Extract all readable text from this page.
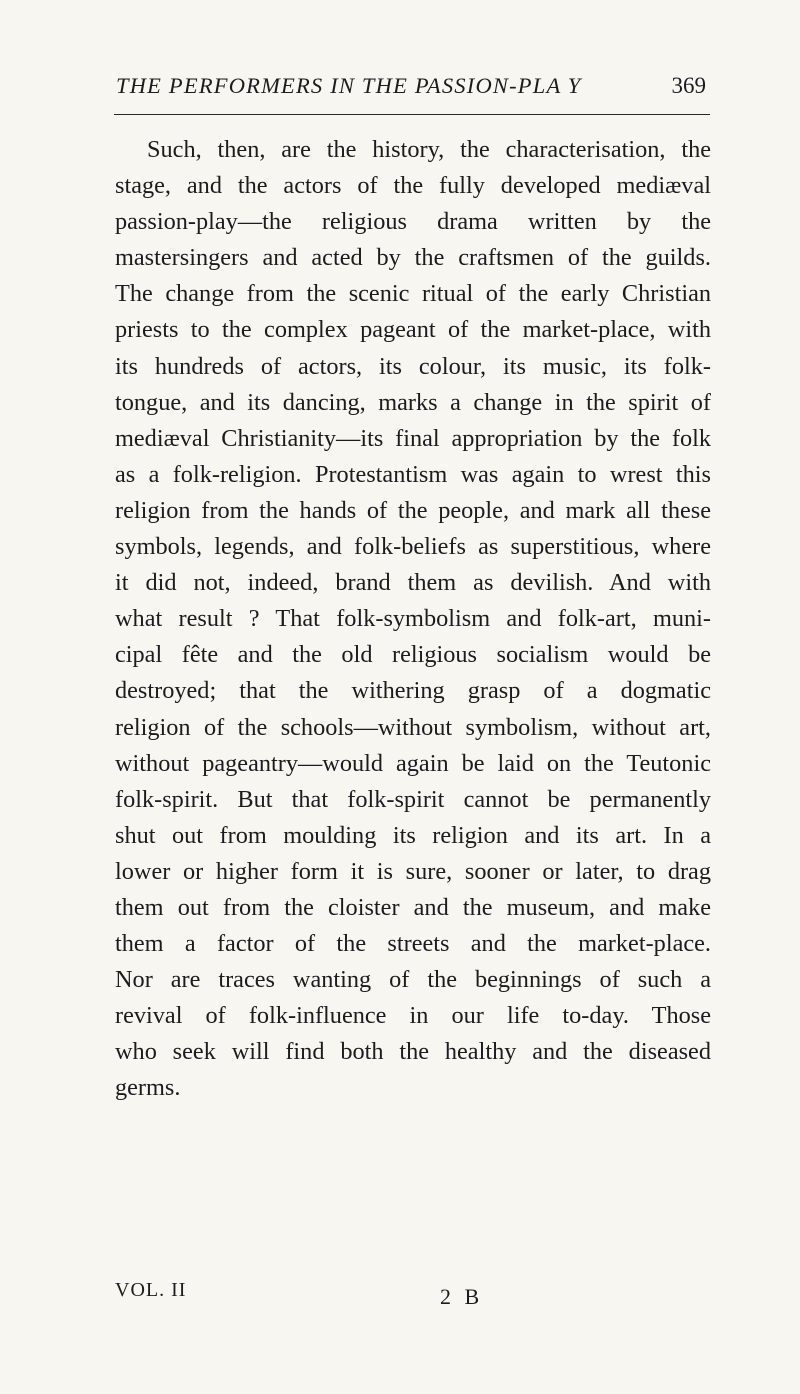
THE PERFORMERS IN THE PASSION-PLA Y	369
Such, then, are the history, the characterisation, the
stage, and the actors of the fully developed mediæval
passion-play—the religious drama written by the
mastersingers and acted by the craftsmen of the guilds.
The change from the scenic ritual of the early Christian
priests to the complex pageant of the market-place, with
its hundreds of actors, its colour, its music, its folk-
tongue, and its dancing, marks a change in the spirit of
mediæval Christianity—its final appropriation by the folk
as a folk-religion. Protestantism was again to wrest this
religion from the hands of the people, and mark all these
symbols, legends, and folk-beliefs as superstitious, where
it did not, indeed, brand them as devilish. And with
what result ? That folk-symbolism and folk-art, muni-
cipal fête and the old religious socialism would be
destroyed; that the withering grasp of a dogmatic
religion of the schools—without symbolism, without art,
without pageantry—would again be laid on the Teutonic
folk-spirit. But that folk-spirit cannot be permanently
shut out from moulding its religion and its art. In a
lower or higher form it is sure, sooner or later, to drag
them out from the cloister and the museum, and make
them a factor of the streets and the market-place.
Nor are traces wanting of the beginnings of such a
revival of folk-influence in our life to-day. Those
who seek will find both the healthy and the diseased
germs.
VOL. II	2 B
